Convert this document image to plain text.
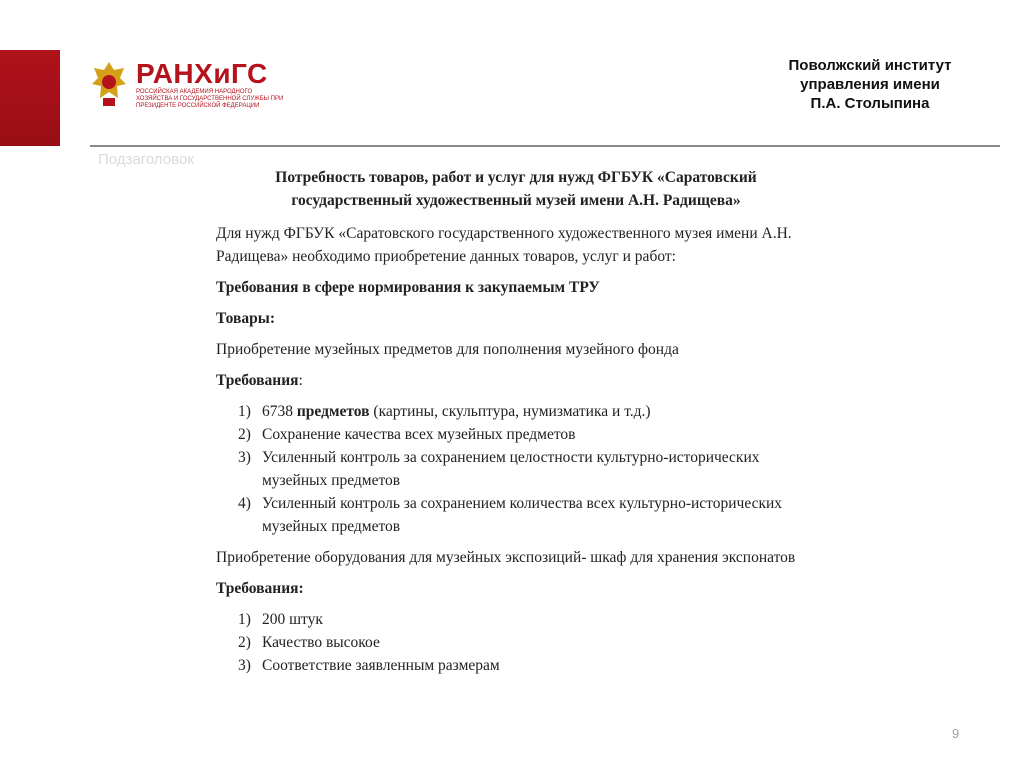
РАНХиГС
РОССИЙСКАЯ АКАДЕМИЯ НАРОДНОГО ХОЗЯЙСТВА И ГОСУДАРСТВЕННОЙ СЛУЖБЫ ПРИ ПРЕЗИДЕНТЕ РОССИЙСКОЙ ФЕДЕРАЦИИ
Поволжский институт
управления имени
П.А. Столыпина
Подзаголовок
Потребность товаров, работ и услуг для нужд ФГБУК «Саратовский
государственный художественный музей имени А.Н. Радищева»

Для нужд ФГБУК «Саратовского государственного художественного музея имени А.Н. Радищева» необходимо приобретение данных товаров, услуг и работ:

Требования в сфере нормирования к закупаемым ТРУ

Товары:

Приобретение музейных предметов для пополнения музейного фонда

Требования:

1) 6738 предметов (картины, скульптура, нумизматика и т.д.)
2) Сохранение качества всех музейных предметов
3) Усиленный контроль за сохранением целостности культурно-исторических музейных предметов
4) Усиленный контроль за сохранением количества всех культурно-исторических музейных предметов

Приобретение оборудования для музейных экспозиций- шкаф для хранения экспонатов

Требования:

1) 200 штук
2) Качество высокое
3) Соответствие заявленным размерам
9
